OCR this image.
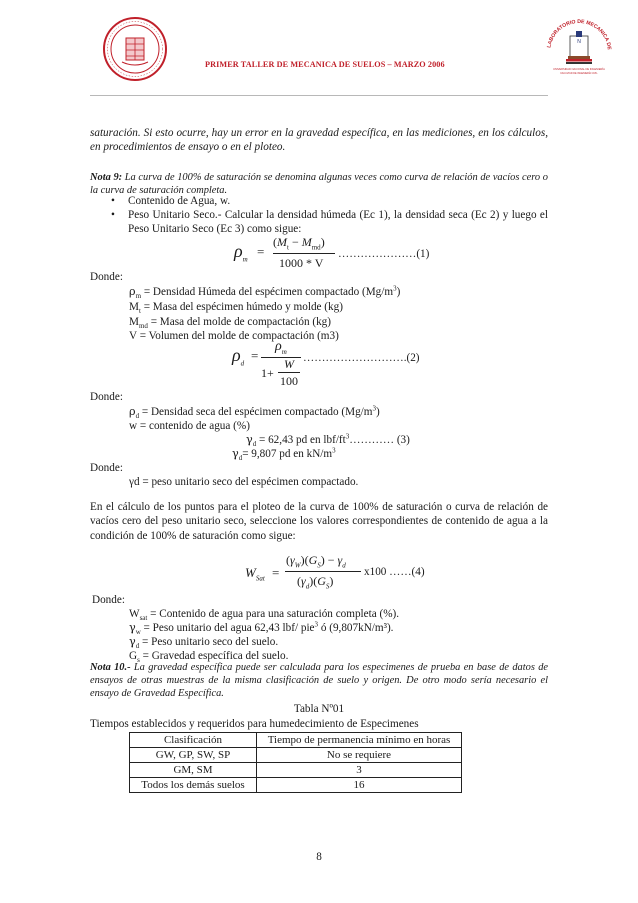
PRIMER TALLER DE MECANICA DE SUELOS – MARZO 2006
LABORATORIO DE MECANICA DE
N
UNIVERSIDAD NACIONAL DE INGENIERÍA
FACULTAD DE INGENIERÍA CIVIL
saturación. Si esto ocurre, hay un error en la gravedad específica, en las mediciones, en los cálculos, en procedimientos de ensayo o en el ploteo.
Nota 9: La curva de 100% de saturación se denomina algunas veces como curva de relación de vacíos cero o la curva de saturación completa.
• Contenido de Agua, w.
• Peso Unitario Seco.- Calcular la densidad húmeda (Ec 1), la densidad seca (Ec 2) y luego el Peso Unitario Seco (Ec 3) como sigue:
$\rho_m$
=
$(M_t - M_{md})$
1000 * V
…………………(1)
Donde:
$\rho_m$ = Densidad Húmeda del espécimen compactado $(Mg/m^3)$
$M_t$ = Masa del espécimen húmedo y molde (kg)
$M_{md}$ = Masa del molde de compactación (kg)
V = Volumen del molde de compactación (m3)
$\rho_d$
=
$\rho_m$
W
1+
100
……………………….(2)
Donde:
$\rho_d$ = Densidad seca del espécimen compactado $(Mg/m^3)$
w = contenido de agua (%)
$\gamma_d = 62,43$ pd en lbf/$ft^3\dots\dots\dots\dots$ (3)
$\gamma_d= 9,807$ pd en $kN/m^3$
Donde:
γd = peso unitario seco del espécimen compactado.
En el cálculo de los puntos para el ploteo de la curva de 100% de saturación o curva de relación de vacíos cero del peso unitario seco, seleccione los valores correspondientes de contenido de agua a la condición de 100% de saturación como sigue:
$W_{Sat}$ =
$(\gamma_W)(G_S) - \gamma_d$
$(\gamma_d)(G_S)$
x100 ……(4)
Donde:
$W_{sat}$ = Contenido de agua para una saturación completa (%).
$\gamma_w$ = Peso unitario del agua 62,43 lbf/ pie$^3$ ó (9,807kN/m³).
$\gamma_d$ = Peso unitario seco del suelo.
$G_s$ = Gravedad específica del suelo.
Nota 10.- La gravedad específica puede ser calculada para los especimenes de prueba en base de datos de ensayos de otras muestras de la misma clasificación de suelo y origen. De otro modo sería necesario el ensayo de Gravedad Específica.
Tabla Nº01
Tiempos establecidos y requeridos para humedecimiento de Especimenes
Clasificación	Tiempo de permanencia mínimo en horas
GW, GP, SW, SP	No se requiere
GM, SM	3
Todos los demás suelos	16
8
